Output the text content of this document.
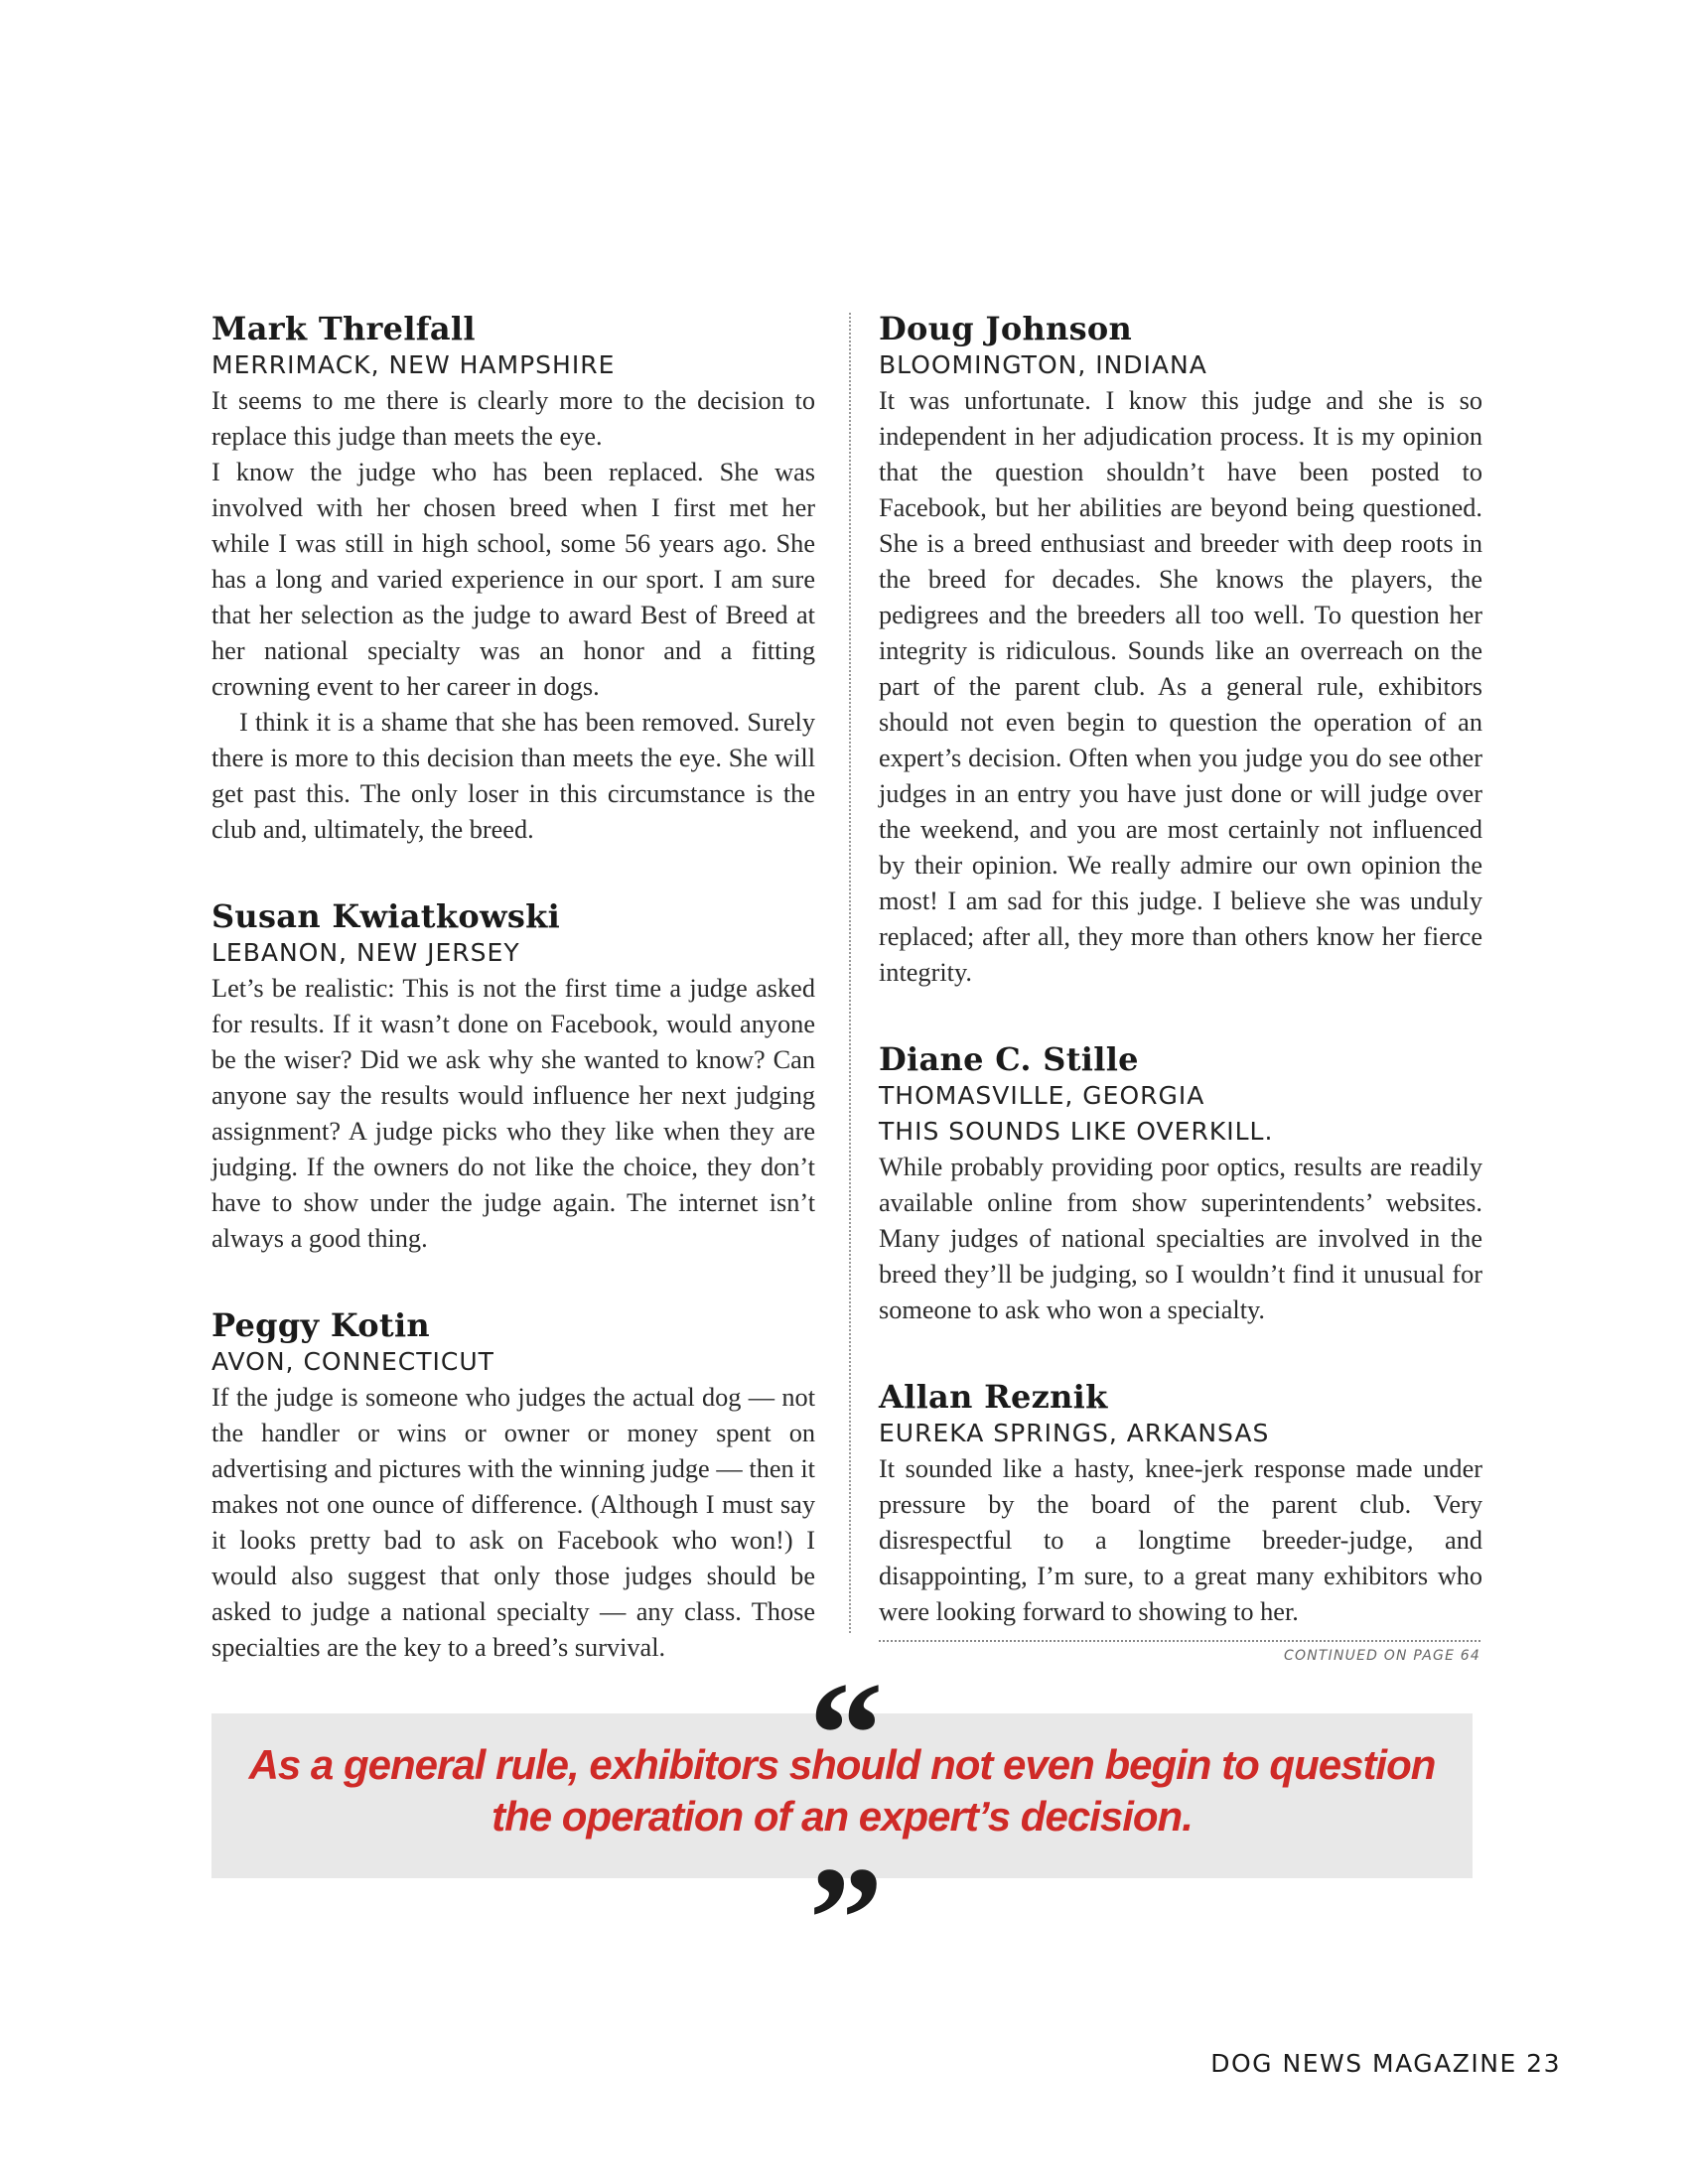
Mark Threlfall
MERRIMACK, NEW HAMPSHIRE

It seems to me there is clearly more to the decision to replace this judge than meets the eye.

I know the judge who has been replaced. She was involved with her chosen breed when I first met her while I was still in high school, some 56 years ago. She has a long and varied experience in our sport. I am sure that her selection as the judge to award Best of Breed at her national specialty was an honor and a fitting crowning event to her career in dogs.

I think it is a shame that she has been removed. Surely there is more to this decision than meets the eye. She will get past this. The only loser in this circumstance is the club and, ultimately, the breed.

Susan Kwiatkowski
LEBANON, NEW JERSEY

Let’s be realistic: This is not the first time a judge asked for results. If it wasn’t done on Facebook, would anyone be the wiser? Did we ask why she wanted to know? Can anyone say the results would influence her next judging assignment? A judge picks who they like when they are judging. If the owners do not like the choice, they don’t have to show under the judge again. The internet isn’t always a good thing.

Peggy Kotin
AVON, CONNECTICUT

If the judge is someone who judges the actual dog — not the handler or wins or owner or money spent on advertising and pictures with the winning judge — then it makes not one ounce of difference. (Although I must say it looks pretty bad to ask on Facebook who won!) I would also suggest that only those judges should be asked to judge a national specialty — any class. Those specialties are the key to a breed’s survival.

Doug Johnson
BLOOMINGTON, INDIANA

It was unfortunate. I know this judge and she is so independent in her adjudication process. It is my opinion that the question shouldn’t have been posted to Facebook, but her abilities are beyond being questioned. She is a breed enthusiast and breeder with deep roots in the breed for decades. She knows the players, the pedigrees and the breeders all too well. To question her integrity is ridiculous. Sounds like an overreach on the part of the parent club. As a general rule, exhibitors should not even begin to question the operation of an expert’s decision. Often when you judge you do see other judges in an entry you have just done or will judge over the weekend, and you are most certainly not influenced by their opinion. We really admire our own opinion the most! I am sad for this judge. I believe she was unduly replaced; after all, they more than others know her fierce integrity.

Diane C. Stille
THOMASVILLE, GEORGIA
THIS SOUNDS LIKE OVERKILL.

While probably providing poor optics, results are readily available online from show superintendents’ websites. Many judges of national specialties are involved in the breed they’ll be judging, so I wouldn’t find it unusual for someone to ask who won a specialty.

Allan Reznik
EUREKA SPRINGS, ARKANSAS

It sounded like a hasty, knee-jerk response made under pressure by the board of the parent club. Very disrespectful to a longtime breeder-judge, and disappointing, I’m sure, to a great many exhibitors who were looking forward to showing to her.

CONTINUED ON PAGE 64
“
As a general rule, exhibitors should not even begin to question
the operation of an expert’s decision.
”
DOG NEWS MAGAZINE 23
